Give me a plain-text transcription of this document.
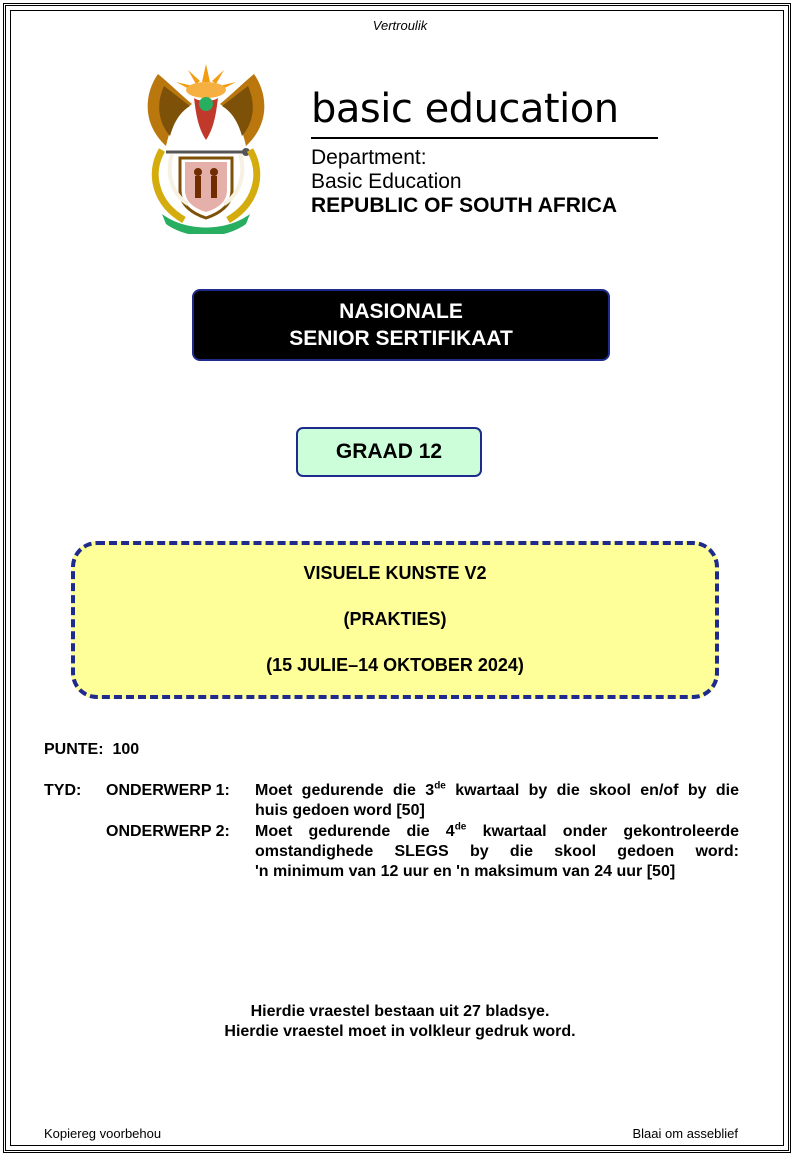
Vertroulik
basic education
Department:
Basic Education
REPUBLIC OF SOUTH AFRICA
NASIONALE
SENIOR SERTIFIKAAT
GRAAD 12
VISUELE KUNSTE V2
(PRAKTIES)
(15 JULIE–14 OKTOBER 2024)
PUNTE: 100
TYD: ONDERWERP 1: Moet gedurende die 3de kwartaal by die skool en/of by die
huis gedoen word [50]
ONDERWERP 2: Moet gedurende die 4de kwartaal onder gekontroleerde
omstandighede SLEGS by die skool gedoen word:
'n minimum van 12 uur en 'n maksimum van 24 uur [50]
Hierdie vraestel bestaan uit 27 bladsye.
Hierdie vraestel moet in volkleur gedruk word.
Kopiereg voorbehou	Blaai om asseblief
